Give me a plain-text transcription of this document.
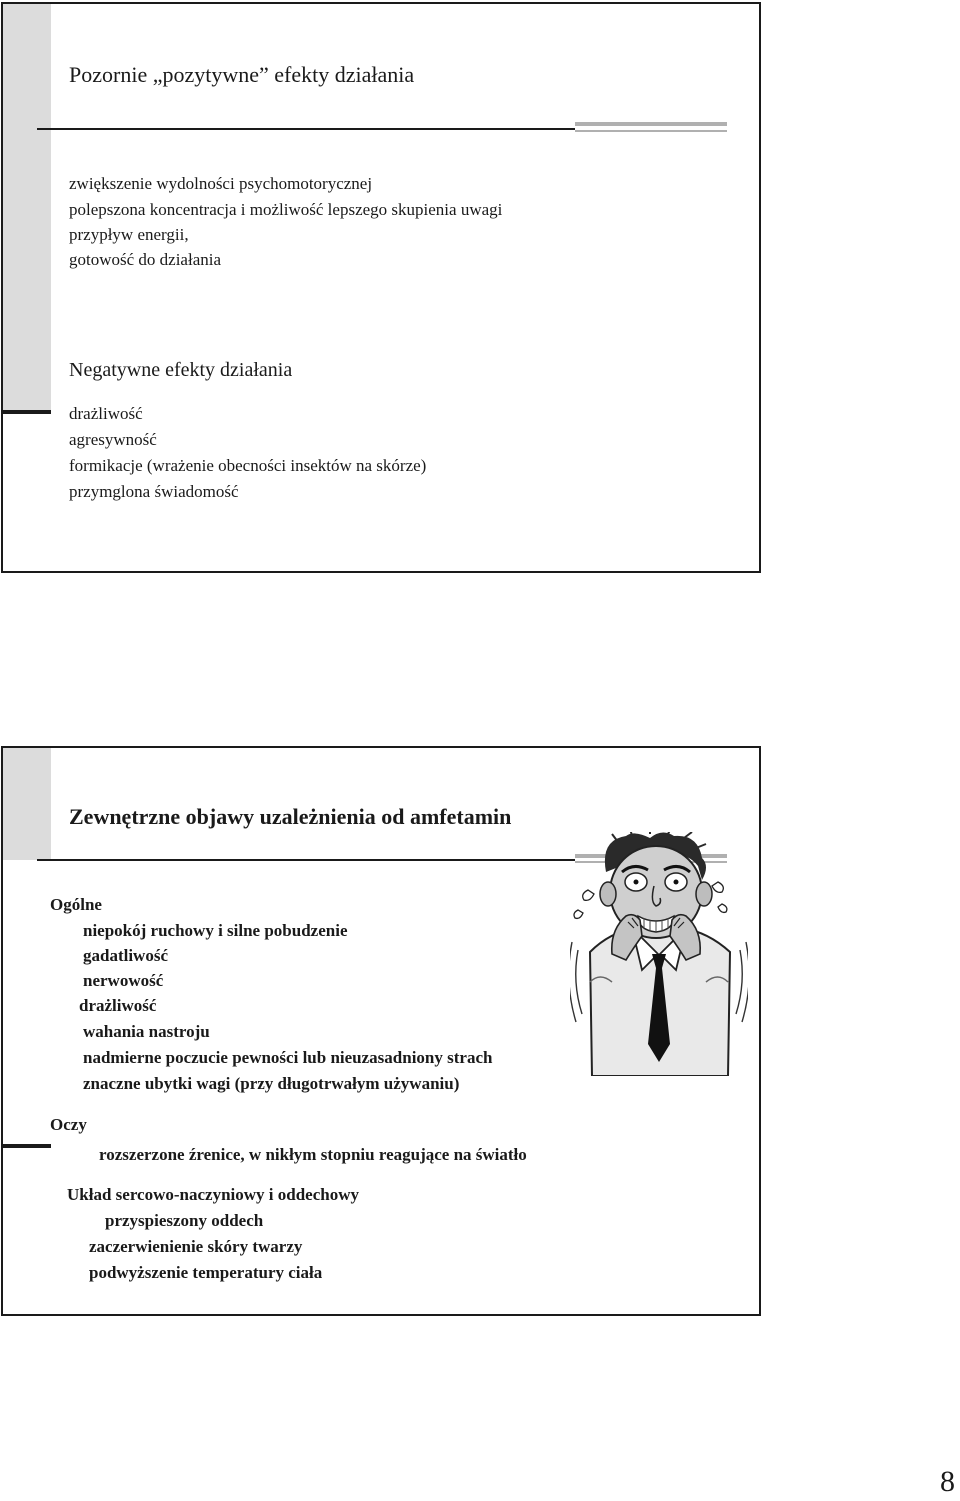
Pozornie „pozytywne” efekty działania
zwiększenie wydolności psychomotorycznej
polepszona koncentracja i możliwość lepszego skupienia uwagi
przypływ energii,
gotowość do działania
Negatywne efekty działania
drażliwość
agresywność
formikacje (wrażenie obecności insektów na skórze)
przymglona świadomość
Zewnętrzne objawy uzależnienia od amfetamin
Ogólne
niepokój ruchowy i silne pobudzenie
gadatliwość
nerwowość
drażliwość
wahania nastroju
nadmierne poczucie pewności lub nieuzasadniony strach
znaczne ubytki wagi (przy długotrwałym używaniu)
Oczy
rozszerzone źrenice, w nikłym stopniu reagujące na światło
Układ sercowo-naczyniowy i oddechowy
przyspieszony oddech
zaczerwienienie skóry twarzy
podwyższenie temperatury ciała
8
